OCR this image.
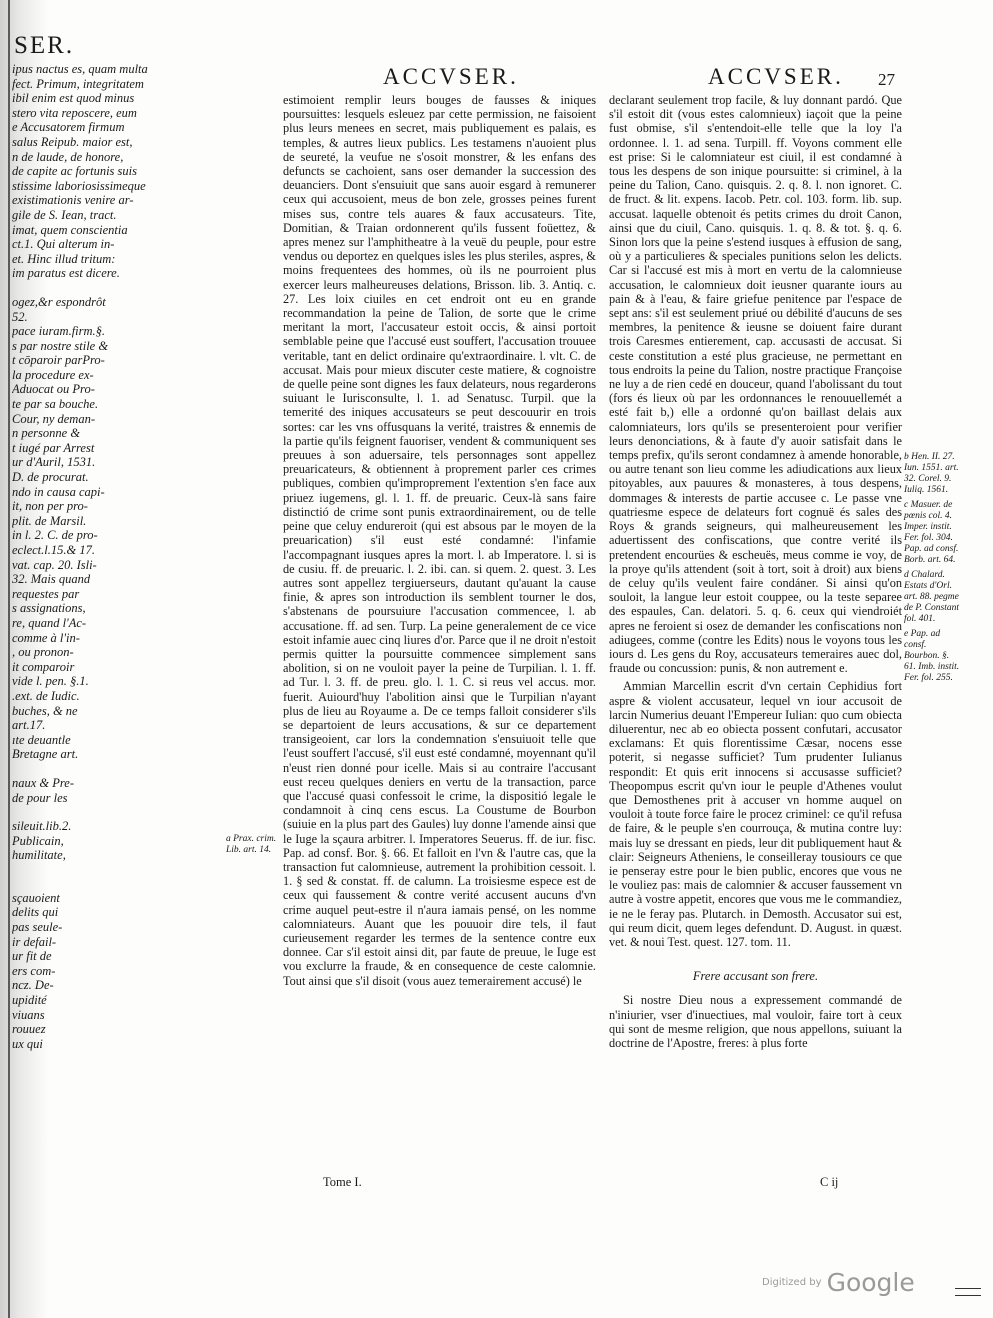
SER.
ipus nactus es, quam multa
fect. Primum, integritatem
ibil enim est quod minus
stero vita reposcere, eum
e Accusatorem firmum
salus Reipub. maior est,
n de laude, de honore,
de capite ac fortunis suis
stissime laboriosissimeque
existimationis venire ar-
gile de S. Iean, tract.
imat, quem conscientia
ct.1. Qui alterum in-
et. Hinc illud tritum:
im paratus est dicere.
ogez,&r espondrôt
52.
pace iuram.firm.§.
s par nostre stile &
t cōparoir parPro-
la procedure ex-
Aduocat ou Pro-
te par sa bouche.
Cour, ny deman-
n personne &
t iugé par Arrest
ur d'Auril, 1531.
D. de procurat.
ndo in causa capi-
it, non per pro-
plit. de Marsil.
in l. 2. C. de pro-
eclect.l.15.& 17.
vat. cap. 20. Isli-
32. Mais quand
requestes par
s assignations,
re, quand l'Ac-
comme à l'in-
, ou pronon-
it comparoir
vide l. pen. §.1.
.ext. de Iudic.
buches, & ne
art.17.
ıte deuantle
Bretagne art.
naux & Pre-
de pour les
sileuit.lib.2.
Publicain,
humilitate,
sçauoient
delits qui
pas seule-
ir defail-
ur fit de
ers com-
ncz. De-
upidité
viuans
rouuez
ux qui
ACCVSER.	ACCVSER. 27

estimoient remplir leurs bouges de fausses & iniques poursuittes: lesquels esleuez par cette permission, ne faisoient plus leurs menees en secret, mais publiquement es palais, es temples, & autres lieux publics. Les testamens n'auoient plus de seureté, la veufue ne s'osoit monstrer, & les enfans des defuncts se cachoient, sans oser demander la succession des deuanciers. Dont s'ensuiuit que sans auoir esgard à remunerer ceux qui accusoient, meus de bon zele, grosses peines furent mises sus, contre tels auares & faux accusateurs. Tite, Domitian, & Traian ordonnerent qu'ils fussent foüettez, & apres menez sur l'amphitheatre à la veuë du peuple, pour estre vendus ou deportez en quelques isles les plus steriles, aspres, & moins frequentees des hommes, où ils ne pourroient plus exercer leurs malheureuses delations, Brisson. lib. 3. Antiq. c. 27. Les loix ciuiles en cet endroit ont eu en grande recommandation la peine de Talion, de sorte que le crime meritant la mort, l'accusateur estoit occis, & ainsi portoit semblable peine que l'accusé eust souffert, l'accusation trouuee veritable, tant en delict ordinaire qu'extraordinaire. l. vlt. C. de accusat. Mais pour mieux discuter ceste matiere, & cognoistre de quelle peine sont dignes les faux delateurs, nous regarderons suiuant le Iurisconsulte, l. 1. ad Senatusc. Turpil. que la temerité des iniques accusateurs se peut descouurir en trois sortes: car les vns offusquans la verité, traistres & ennemis de la partie qu'ils feignent fauoriser, vendent & communiquent ses preuues à son aduersaire, tels personnages sont appellez preuaricateurs, & obtiennent à proprement parler ces crimes publiques, combien qu'improprement l'extention s'en face aux priuez iugemens, gl. l. 1. ff. de preuaric. Ceux-là sans faire distinctió de crime sont punis extraordinairement, ou de telle peine que celuy endureroit (qui est absous par le moyen de la preuarication) s'il eust esté condamné: l'infamie l'accompagnant iusques apres la mort. l. ab Imperatore. l. si is de cusiu. ff. de preuaric. l. 2. ibi. can. si quem. 2. quest. 3. Les autres sont appellez tergiuerseurs, dautant qu'auant la cause finie, & apres son introduction ils semblent tourner le dos, s'abstenans de poursuiure l'accusation commencee, l. ab accusatione. ff. ad sen. Turp. La peine generalement de ce vice estoit infamie auec cinq liures d'or. Parce que il ne droit n'estoit permis quitter la poursuitte commencee simplement sans abolition, si on ne vouloit payer la peine de Turpilian. l. 1. ff. ad Tur. l. 3. ff. de preu. glo. l. 1. C. si reus vel accus. mor. fuerit. Auiourd'huy l'abolition ainsi que le Turpilian n'ayant plus de lieu au Royaume a. De ce temps falloit considerer s'ils se departoient de leurs accusations, & sur ce departement transigeoient, car lors la condemnation s'ensuiuoit telle que l'eust souffert l'accusé, s'il eust esté condamné, moyennant qu'il n'eust rien donné pour icelle. Mais si au contraire l'accusant eust receu quelques deniers en vertu de la transaction, parce que l'accusé quasi confessoit le crime, la dispositió legale le condamnoit à cinq cens escus. La Coustume de Bourbon (suiuie en la plus part des Gaules) luy donne l'amende ainsi que le Iuge la sçaura arbitrer. l. Imperatores Seuerus. ff. de iur. fisc. Pap. ad consf. Bor. §. 66. Et falloit en l'vn & l'autre cas, que la transaction fut calomnieuse, autrement la prohibition cessoit. l. 1. § sed & constat. ff. de calumn. La troisiesme espece est de ceux qui faussement & contre verité accusent aucuns d'vn crime auquel peut-estre il n'aura iamais pensé, on les nomme calomniateurs. Auant que les pouuoir dire tels, il faut curieusement regarder les termes de la sentence contre eux donnee. Car s'il estoit ainsi dit, par faute de preuue, le Iuge est vou exclurre la fraude, & en consequence de ceste calomnie. Tout ainsi que s'il disoit (vous auez temerairement accusé) le

declarant seulement trop facile, & luy donnant pardó. Que s'il estoit dit (vous estes calomnieux) iaçoit que la peine fust obmise, s'il s'entendoit-elle telle que la loy l'a ordonnee. l. 1. ad sena. Turpill. ff. Voyons comment elle est prise: Si le calomniateur est ciuil, il est condamné à tous les despens de son inique poursuitte: si criminel, à la peine du Talion, Cano. quisquis. 2. q. 8. l. non ignoret. C. de fruct. & lit. expens. Iacob. Petr. col. 103. form. lib. sup. accusat. laquelle obtenoit és petits crimes du droit Canon, ainsi que du ciuil, Cano. quisquis. 1. q. 8. & tot. §. q. 6. Sinon lors que la peine s'estend iusques à effusion de sang, où y a particulieres & speciales punitions selon les delicts. Car si l'accusé est mis à mort en vertu de la calomnieuse accusation, le calomnieux doit ieusner quarante iours au pain & à l'eau, & faire griefue penitence par l'espace de sept ans: s'il est seulement priué ou débilité d'aucuns de ses membres, la penitence & ieusne se doiuent faire durant trois Caresmes entierement, cap. accusasti de accusat. Si ceste constitution a esté plus gracieuse, ne permettant en tous endroits la peine du Talion, nostre practique Françoise ne luy a de rien cedé en douceur, quand l'abolissant du tout (fors és lieux où par les ordonnances le renouuellemét a esté fait b,) elle a ordonné qu'on baillast delais aux calomniateurs, lors qu'ils se presenteroient pour verifier leurs denonciations, & à faute d'y auoir satisfait dans le temps prefix, qu'ils seront condamnez à amende honorable, ou autre tenant son lieu comme les adiudications aux lieux pitoyables, aux pauures & monasteres, à tous despens, dommages & interests de partie accusee c. Le passe vne quatriesme espece de delateurs fort cognuë és sales des Roys & grands seigneurs, qui malheureusement les aduertissent des confiscations, que contre verité ils pretendent encourües & escheuës, meus comme ie voy, de la proye qu'ils attendent (soit à tort, soit à droit) aux biens de celuy qu'ils veulent faire condáner. Si ainsi qu'on souloit, la langue leur estoit couppee, ou la teste separee des espaules, Can. delatori. 5. q. 6. ceux qui viendroiét apres ne feroient si osez de demander les confiscations non adiugees, comme (contre les Edits) nous le voyons tous les iours d. Les gens du Roy, accusateurs temeraires auec dol, fraude ou concussion: punis, & non autrement e.

Ammian Marcellin escrit d'vn certain Cephidius fort aspre & violent accusateur, lequel vn iour accusoit de larcin Numerius deuant l'Empereur Iulian: quo cum obiecta diluerentur, nec ab eo obiecta possent confutari, accusator exclamans: Et quis florentissime Cæsar, nocens esse poterit, si negasse sufficiet? Tum prudenter Iulianus respondit: Et quis erit innocens si accusasse sufficiet? Theopompus escrit qu'vn iour le peuple d'Athenes voulut que Demosthenes prit à accuser vn homme auquel on vouloit à toute force faire le procez criminel: ce qu'il refusa de faire, & le peuple s'en courrouça, & mutina contre luy: mais luy se dressant en pieds, leur dit publiquement haut & clair: Seigneurs Atheniens, le conseilleray tousiours ce que ie penseray estre pour le bien public, encores que vous ne le vouliez pas: mais de calomnier & accuser faussement vn autre à vostre appetit, encores que vous me le commandiez, ie ne le feray pas. Plutarch. in Demosth. Accusator sui est, qui reum dicit, quem leges defendunt. D. August. in quæst. vet. & noui Test. quest. 127. tom. 11.

Frere accusant son frere.

Si nostre Dieu nous a expressement commandé de n'iniurier, vser d'inuectiues, mal vouloir, faire tort à ceux qui sont de mesme religion, que nous appellons, suiuant la doctrine de l'Apostre, freres: à plus forte

a Prax. crim. Lib. art. 14.
b Hen. II. 27. Iun. 1551. art. 32. Corel. 9. Iuliq. 1561.
c Masuer. de pœnis col. 4. Imper. instit. Fer. fol. 304. Pap. ad consf. Borb. art. 64.
d Chalard. Estats d'Orl. art. 88. pegme de P. Constant fol. 401.
e Pap. ad consf. Bourbon. §. 61. Imb. instit. Fer. fol. 255.
Tome I.	C ij
$^{Digitized by}$ Google
